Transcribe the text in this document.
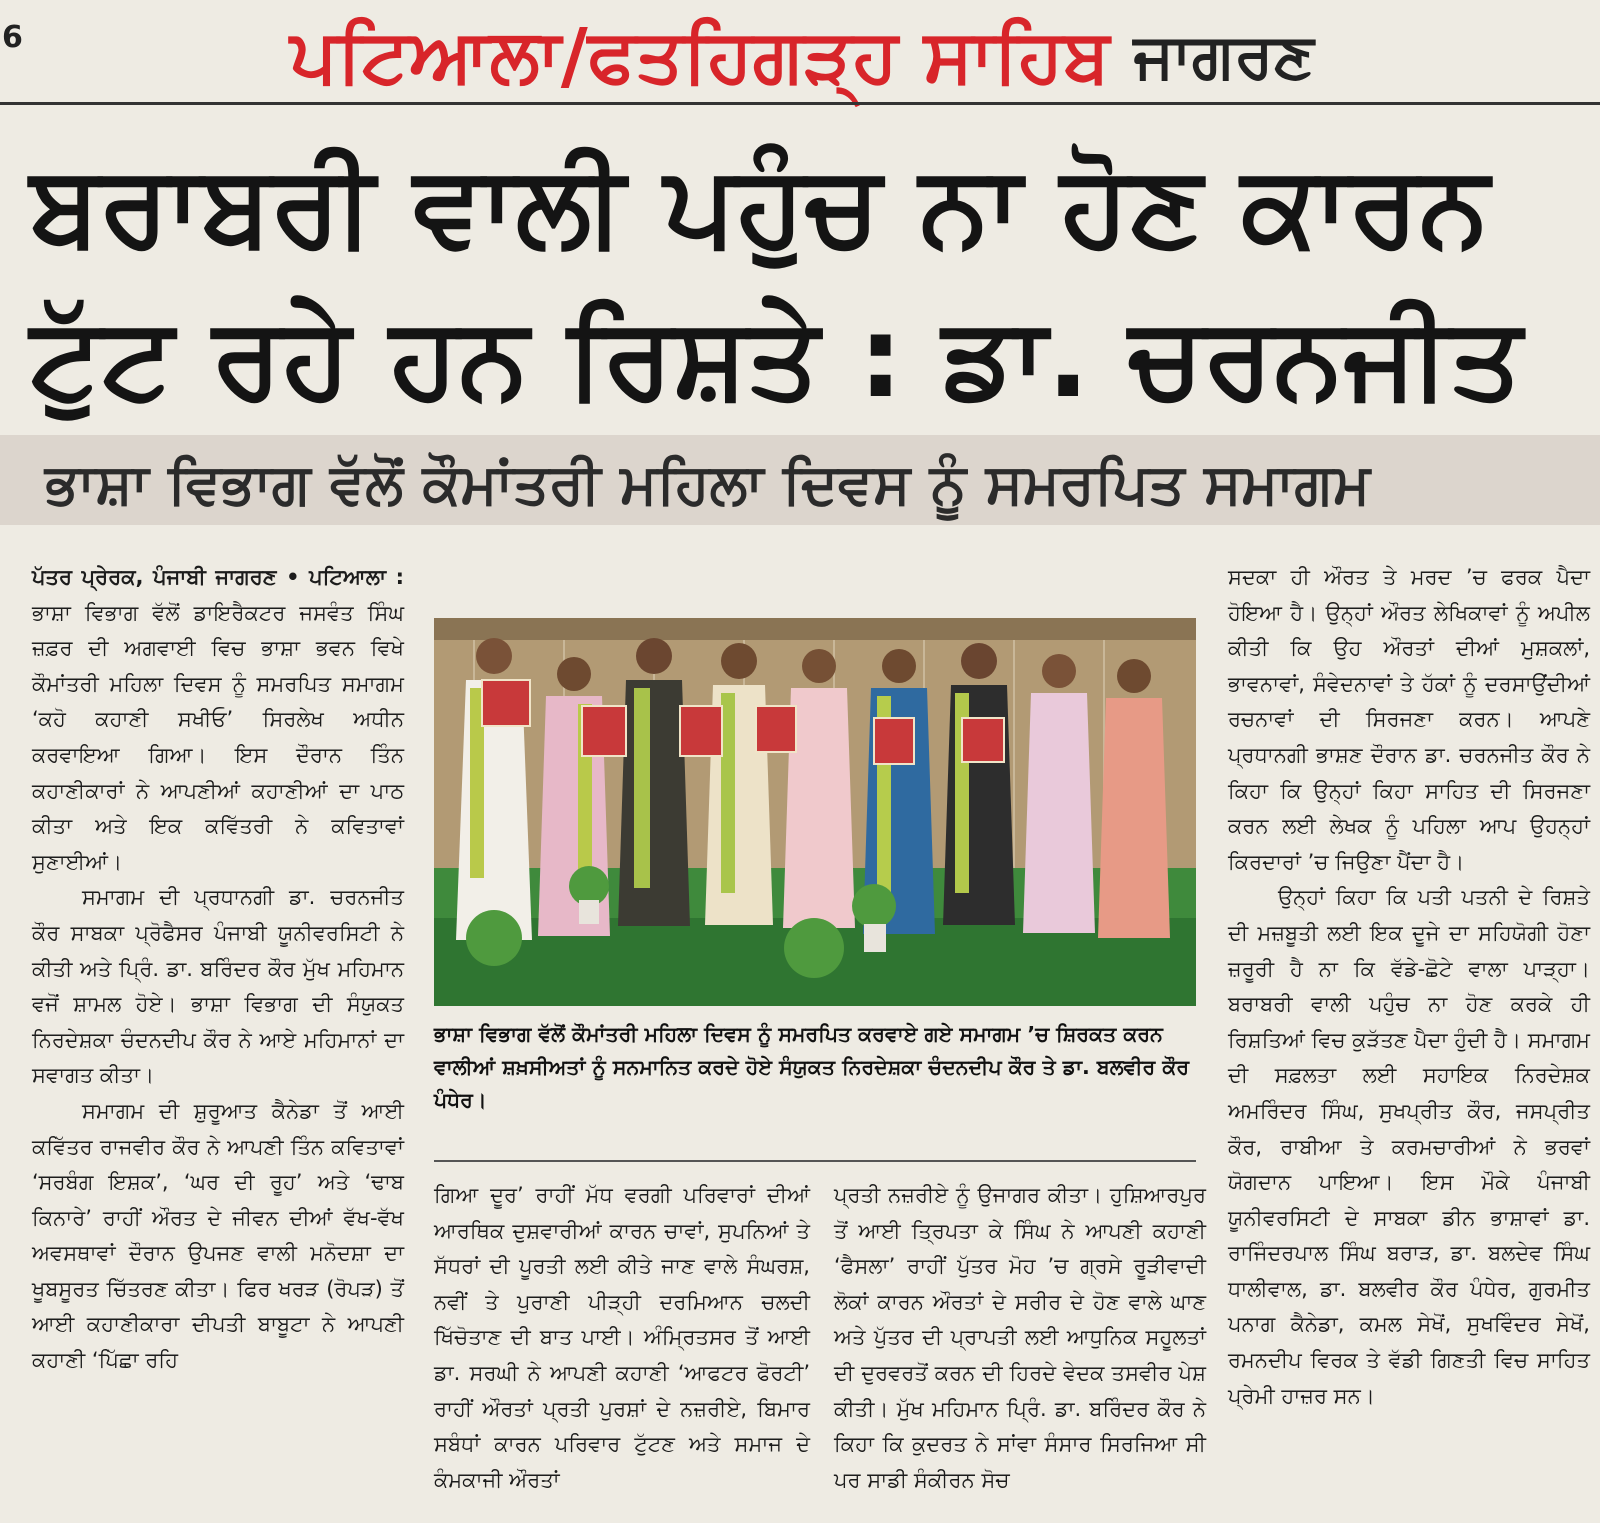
6	ਪਟਿਆਲਾ/ਫਤਹਿਗੜ੍ਹ ਸਾਹਿਬ ਜਾਗਰਣ
ਬਰਾਬਰੀ ਵਾਲੀ ਪਹੁੰਚ ਨਾ ਹੋਣ ਕਾਰਨ
ਟੁੱਟ ਰਹੇ ਹਨ ਰਿਸ਼ਤੇ : ਡਾ. ਚਰਨਜੀਤ
ਭਾਸ਼ਾ ਵਿਭਾਗ ਵੱਲੋਂ ਕੌਮਾਂਤਰੀ ਮਹਿਲਾ ਦਿਵਸ ਨੂੰ ਸਮਰਪਿਤ ਸਮਾਗਮ

ਪੱਤਰ ਪ੍ਰੇਰਕ, ਪੰਜਾਬੀ ਜਾਗਰਣ • ਪਟਿਆਲਾ : ਭਾਸ਼ਾ ਵਿਭਾਗ ਵੱਲੋਂ ਡਾਇਰੈਕਟਰ ਜਸਵੰਤ ਸਿੰਘ ਜ਼ਫ਼ਰ ਦੀ ਅਗਵਾਈ ਵਿਚ ਭਾਸ਼ਾ ਭਵਨ ਵਿਖੇ ਕੌਮਾਂਤਰੀ ਮਹਿਲਾ ਦਿਵਸ ਨੂੰ ਸਮਰਪਿਤ ਸਮਾਗਮ ‘ਕਹੋ ਕਹਾਣੀ ਸਖੀਓ’ ਸਿਰਲੇਖ ਅਧੀਨ ਕਰਵਾਇਆ ਗਿਆ। ਇਸ ਦੌਰਾਨ ਤਿੰਨ ਕਹਾਣੀਕਾਰਾਂ ਨੇ ਆਪਣੀਆਂ ਕਹਾਣੀਆਂ ਦਾ ਪਾਠ ਕੀਤਾ ਅਤੇ ਇਕ ਕਵਿੱਤਰੀ ਨੇ ਕਵਿਤਾਵਾਂ ਸੁਣਾਈਆਂ।

ਸਮਾਗਮ ਦੀ ਪ੍ਰਧਾਨਗੀ ਡਾ. ਚਰਨਜੀਤ ਕੌਰ ਸਾਬਕਾ ਪ੍ਰੋਫੈਸਰ ਪੰਜਾਬੀ ਯੂਨੀਵਰਸਿਟੀ ਨੇ ਕੀਤੀ ਅਤੇ ਪ੍ਰਿੰ. ਡਾ. ਬਰਿੰਦਰ ਕੌਰ ਮੁੱਖ ਮਹਿਮਾਨ ਵਜੋਂ ਸ਼ਾਮਲ ਹੋਏ। ਭਾਸ਼ਾ ਵਿਭਾਗ ਦੀ ਸੰਯੁਕਤ ਨਿਰਦੇਸ਼ਕਾ ਚੰਦਨਦੀਪ ਕੌਰ ਨੇ ਆਏ ਮਹਿਮਾਨਾਂ ਦਾ ਸਵਾਗਤ ਕੀਤਾ।

ਸਮਾਗਮ ਦੀ ਸ਼ੁਰੂਆਤ ਕੈਨੇਡਾ ਤੋਂ ਆਈ ਕਵਿੱਤਰ ਰਾਜਵੀਰ ਕੌਰ ਨੇ ਆਪਣੀ ਤਿੰਨ ਕਵਿਤਾਵਾਂ ‘ਸਰਬੰਗ ਇਸ਼ਕ’, ‘ਘਰ ਦੀ ਰੂਹ’ ਅਤੇ ‘ਢਾਬ ਕਿਨਾਰੇ’ ਰਾਹੀਂ ਔਰਤ ਦੇ ਜੀਵਨ ਦੀਆਂ ਵੱਖ-ਵੱਖ ਅਵਸਥਾਵਾਂ ਦੌਰਾਨ ਉਪਜਣ ਵਾਲੀ ਮਨੋਦਸ਼ਾ ਦਾ ਖੂਬਸੂਰਤ ਚਿੱਤਰਣ ਕੀਤਾ। ਫਿਰ ਖਰੜ (ਰੋਪੜ) ਤੋਂ ਆਈ ਕਹਾਣੀਕਾਰਾ ਦੀਪਤੀ ਬਾਬੂਟਾ ਨੇ ਆਪਣੀ ਕਹਾਣੀ ‘ਪਿੱਛਾ ਰਹਿ

ਭਾਸ਼ਾ ਵਿਭਾਗ ਵੱਲੋਂ ਕੌਮਾਂਤਰੀ ਮਹਿਲਾ ਦਿਵਸ ਨੂੰ ਸਮਰਪਿਤ ਕਰਵਾਏ ਗਏ ਸਮਾਗਮ ’ਚ ਸ਼ਿਰਕਤ ਕਰਨ ਵਾਲੀਆਂ ਸ਼ਖ਼ਸੀਅਤਾਂ ਨੂੰ ਸਨਮਾਨਿਤ ਕਰਦੇ ਹੋਏ ਸੰਯੁਕਤ ਨਿਰਦੇਸ਼ਕਾ ਚੰਦਨਦੀਪ ਕੌਰ ਤੇ ਡਾ. ਬਲਵੀਰ ਕੌਰ ਪੰਧੇਰ।

ਗਿਆ ਦੂਰ’ ਰਾਹੀਂ ਮੱਧ ਵਰਗੀ ਪਰਿਵਾਰਾਂ ਦੀਆਂ ਆਰਥਿਕ ਦੁਸ਼ਵਾਰੀਆਂ ਕਾਰਨ ਚਾਵਾਂ, ਸੁਪਨਿਆਂ ਤੇ ਸੱਧਰਾਂ ਦੀ ਪੂਰਤੀ ਲਈ ਕੀਤੇ ਜਾਣ ਵਾਲੇ ਸੰਘਰਸ਼, ਨਵੀਂ ਤੇ ਪੁਰਾਣੀ ਪੀੜ੍ਹੀ ਦਰਮਿਆਨ ਚਲਦੀ ਖਿੱਚੋਤਾਣ ਦੀ ਬਾਤ ਪਾਈ। ਅੰਮ੍ਰਿਤਸਰ ਤੋਂ ਆਈ ਡਾ. ਸਰਘੀ ਨੇ ਆਪਣੀ ਕਹਾਣੀ ‘ਆਫਟਰ ਫੋਰਟੀ’ ਰਾਹੀਂ ਔਰਤਾਂ ਪ੍ਰਤੀ ਪੁਰਸ਼ਾਂ ਦੇ ਨਜ਼ਰੀਏ, ਬਿਮਾਰ ਸਬੰਧਾਂ ਕਾਰਨ ਪਰਿਵਾਰ ਟੁੱਟਣ ਅਤੇ ਸਮਾਜ ਦੇ ਕੰਮਕਾਜੀ ਔਰਤਾਂ

ਪ੍ਰਤੀ ਨਜ਼ਰੀਏ ਨੂੰ ਉਜਾਗਰ ਕੀਤਾ। ਹੁਸ਼ਿਆਰਪੁਰ ਤੋਂ ਆਈ ਤ੍ਰਿਪਤਾ ਕੇ ਸਿੰਘ ਨੇ ਆਪਣੀ ਕਹਾਣੀ ‘ਫੈਸਲਾ’ ਰਾਹੀਂ ਪੁੱਤਰ ਮੋਹ ’ਚ ਗ੍ਰਸੇ ਰੂੜੀਵਾਦੀ ਲੋਕਾਂ ਕਾਰਨ ਔਰਤਾਂ ਦੇ ਸਰੀਰ ਦੇ ਹੋਣ ਵਾਲੇ ਘਾਣ ਅਤੇ ਪੁੱਤਰ ਦੀ ਪ੍ਰਾਪਤੀ ਲਈ ਆਧੁਨਿਕ ਸਹੂਲਤਾਂ ਦੀ ਦੁਰਵਰਤੋਂ ਕਰਨ ਦੀ ਹਿਰਦੇ ਵੇਦਕ ਤਸਵੀਰ ਪੇਸ਼ ਕੀਤੀ। ਮੁੱਖ ਮਹਿਮਾਨ ਪ੍ਰਿੰ. ਡਾ. ਬਰਿੰਦਰ ਕੌਰ ਨੇ ਕਿਹਾ ਕਿ ਕੁਦਰਤ ਨੇ ਸਾਂਵਾ ਸੰਸਾਰ ਸਿਰਜਿਆ ਸੀ ਪਰ ਸਾਡੀ ਸੰਕੀਰਨ ਸੋਚ

ਸਦਕਾ ਹੀ ਔਰਤ ਤੇ ਮਰਦ ’ਚ ਫਰਕ ਪੈਦਾ ਹੋਇਆ ਹੈ। ਉਨ੍ਹਾਂ ਔਰਤ ਲੇਖਿਕਾਵਾਂ ਨੂੰ ਅਪੀਲ ਕੀਤੀ ਕਿ ਉਹ ਔਰਤਾਂ ਦੀਆਂ ਮੁਸ਼ਕਲਾਂ, ਭਾਵਨਾਵਾਂ, ਸੰਵੇਦਨਾਵਾਂ ਤੇ ਹੱਕਾਂ ਨੂੰ ਦਰਸਾਉਂਦੀਆਂ ਰਚਨਾਵਾਂ ਦੀ ਸਿਰਜਣਾ ਕਰਨ। ਆਪਣੇ ਪ੍ਰਧਾਨਗੀ ਭਾਸ਼ਣ ਦੌਰਾਨ ਡਾ. ਚਰਨਜੀਤ ਕੌਰ ਨੇ ਕਿਹਾ ਕਿ ਉਨ੍ਹਾਂ ਕਿਹਾ ਸਾਹਿਤ ਦੀ ਸਿਰਜਣਾ ਕਰਨ ਲਈ ਲੇਖਕ ਨੂੰ ਪਹਿਲਾ ਆਪ ਉਹਨ੍ਹਾਂ ਕਿਰਦਾਰਾਂ ’ਚ ਜਿਉਣਾ ਪੈਂਦਾ ਹੈ।

ਉਨ੍ਹਾਂ ਕਿਹਾ ਕਿ ਪਤੀ ਪਤਨੀ ਦੇ ਰਿਸ਼ਤੇ ਦੀ ਮਜ਼ਬੂਤੀ ਲਈ ਇਕ ਦੂਜੇ ਦਾ ਸਹਿਯੋਗੀ ਹੋਣਾ ਜ਼ਰੂਰੀ ਹੈ ਨਾ ਕਿ ਵੱਡੇ-ਛੋਟੇ ਵਾਲਾ ਪਾੜ੍ਹਾ। ਬਰਾਬਰੀ ਵਾਲੀ ਪਹੁੰਚ ਨਾ ਹੋਣ ਕਰਕੇ ਹੀ ਰਿਸ਼ਤਿਆਂ ਵਿਚ ਕੁੜੱਤਣ ਪੈਦਾ ਹੁੰਦੀ ਹੈ। ਸਮਾਗਮ ਦੀ ਸਫ਼ਲਤਾ ਲਈ ਸਹਾਇਕ ਨਿਰਦੇਸ਼ਕ ਅਮਰਿੰਦਰ ਸਿੰਘ, ਸੁਖਪ੍ਰੀਤ ਕੌਰ, ਜਸਪ੍ਰੀਤ ਕੌਰ, ਰਾਬੀਆ ਤੇ ਕਰਮਚਾਰੀਆਂ ਨੇ ਭਰਵਾਂ ਯੋਗਦਾਨ ਪਾਇਆ। ਇਸ ਮੌਕੇ ਪੰਜਾਬੀ ਯੂਨੀਵਰਸਿਟੀ ਦੇ ਸਾਬਕਾ ਡੀਨ ਭਾਸ਼ਾਵਾਂ ਡਾ. ਰਾਜਿੰਦਰਪਾਲ ਸਿੰਘ ਬਰਾੜ, ਡਾ. ਬਲਦੇਵ ਸਿੰਘ ਧਾਲੀਵਾਲ, ਡਾ. ਬਲਵੀਰ ਕੌਰ ਪੰਧੇਰ, ਗੁਰਮੀਤ ਪਨਾਗ ਕੈਨੇਡਾ, ਕਮਲ ਸੇਖੋਂ, ਸੁਖਵਿੰਦਰ ਸੇਖੋਂ, ਰਮਨਦੀਪ ਵਿਰਕ ਤੇ ਵੱਡੀ ਗਿਣਤੀ ਵਿਚ ਸਾਹਿਤ ਪ੍ਰੇਮੀ ਹਾਜ਼ਰ ਸਨ।
